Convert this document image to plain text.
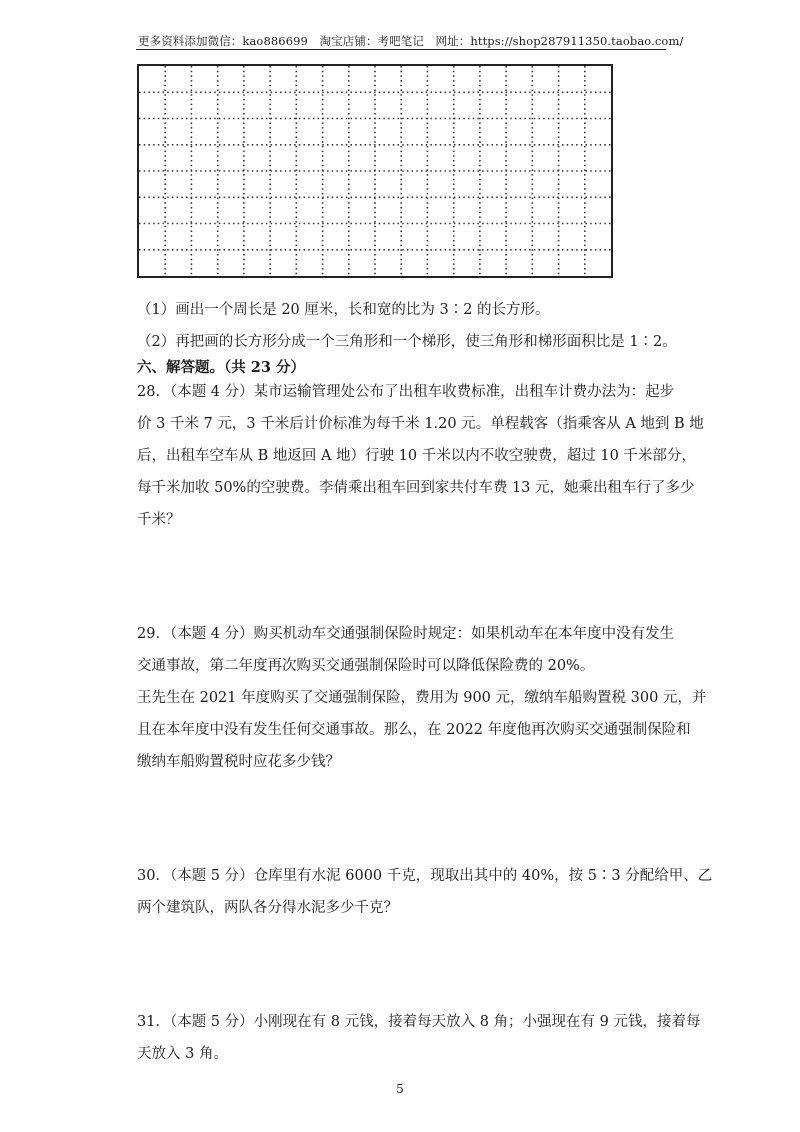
更多资料添加微信：kao886699　淘宝店铺：考吧笔记　网址：https://shop287911350.taobao.com/
（1）画出一个周长是 20 厘米，长和宽的比为 3∶2 的长方形。
（2）再把画的长方形分成一个三角形和一个梯形，使三角形和梯形面积比是 1∶2。
六、解答题。（共 23 分）
28．（本题 4 分）某市运输管理处公布了出租车收费标准，出租车计费办法为：起步
价 3 千米 7 元，3 千米后计价标准为每千米 1.20 元。单程载客（指乘客从 A 地到 B 地
后，出租车空车从 B 地返回 A 地）行驶 10 千米以内不收空驶费，超过 10 千米部分，
每千米加收 50%的空驶费。李倩乘出租车回到家共付车费 13 元，她乘出租车行了多少
千米？
29．（本题 4 分）购买机动车交通强制保险时规定：如果机动车在本年度中没有发生
交通事故，第二年度再次购买交通强制保险时可以降低保险费的 20%。
王先生在 2021 年度购买了交通强制保险，费用为 900 元，缴纳车船购置税 300 元，并
且在本年度中没有发生任何交通事故。那么，在 2022 年度他再次购买交通强制保险和
缴纳车船购置税时应花多少钱？
30．（本题 5 分）仓库里有水泥 6000 千克，现取出其中的 40%，按 5∶3 分配给甲、乙
两个建筑队，两队各分得水泥多少千克？
31．（本题 5 分）小刚现在有 8 元钱，接着每天放入 8 角；小强现在有 9 元钱，接着每
天放入 3 角。
5
